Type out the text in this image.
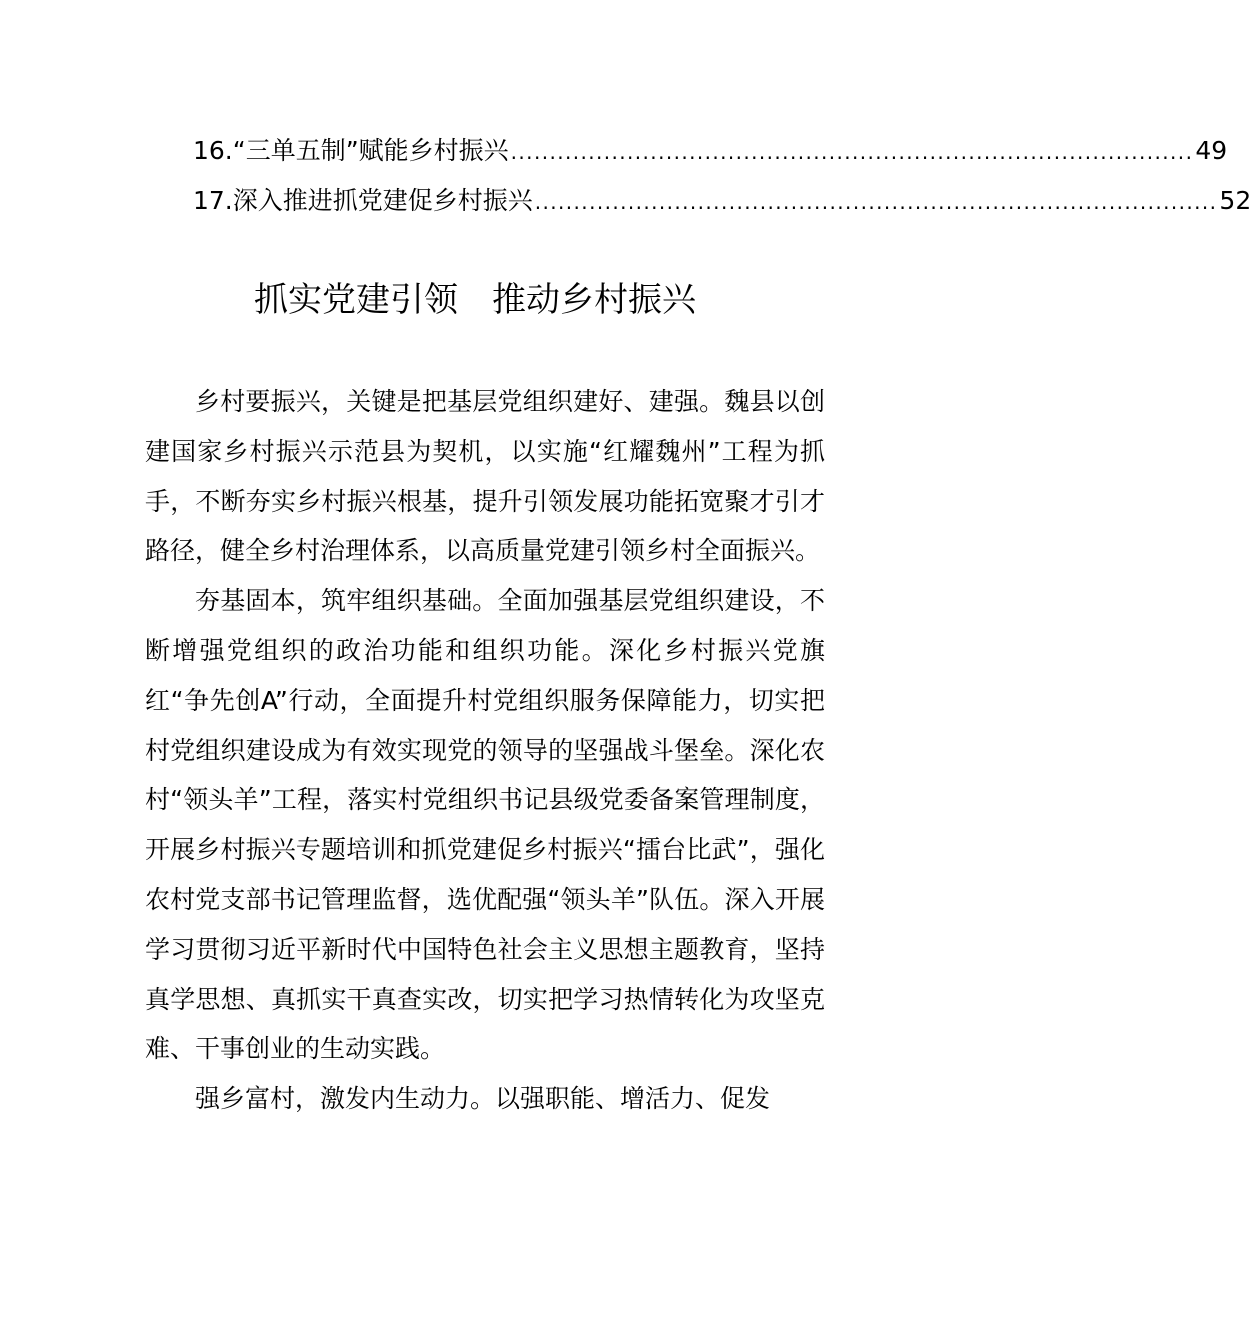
16.“三单五制”赋能乡村振兴 ........................................................................................ 49
17.深入推进抓党建促乡村振兴 ........................................................................................ 52
抓实党建引领　推动乡村振兴

乡村要振兴，关键是把基层党组织建好、建强。魏县以创建国家乡村振兴示范县为契机，以实施“红耀魏州”工程为抓手，不断夯实乡村振兴根基，提升引领发展功能拓宽聚才引才路径，健全乡村治理体系，以高质量党建引领乡村全面振兴。

夯基固本，筑牢组织基础。全面加强基层党组织建设，不断增强党组织的政治功能和组织功能。深化乡村振兴党旗红“争先创A”行动，全面提升村党组织服务保障能力，切实把村党组织建设成为有效实现党的领导的坚强战斗堡垒。深化农村“领头羊”工程，落实村党组织书记县级党委备案管理制度，开展乡村振兴专题培训和抓党建促乡村振兴“擂台比武”，强化农村党支部书记管理监督，选优配强“领头羊”队伍。深入开展学习贯彻习近平新时代中国特色社会主义思想主题教育，坚持真学思想、真抓实干真查实改，切实把学习热情转化为攻坚克难、干事创业的生动实践。

强乡富村，激发内生动力。以强职能、增活力、促发
